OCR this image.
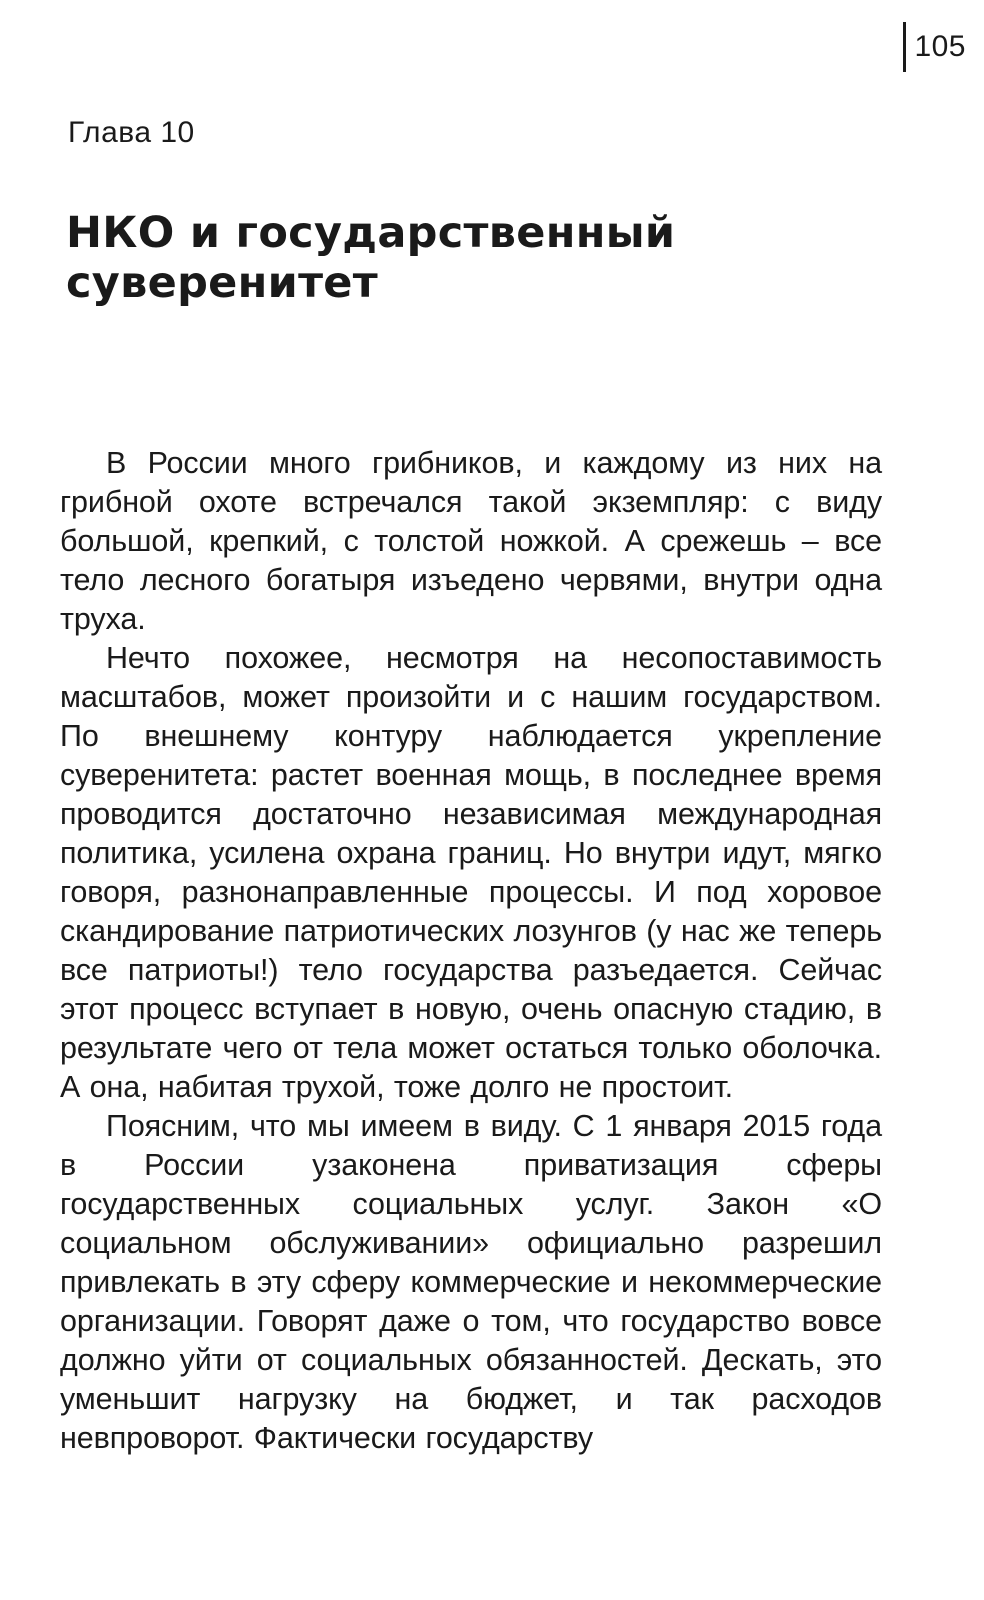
105
Глава 10
НКО и государственный суверенитет

В России много грибников, и каждому из них на грибной охоте встречался такой экземпляр: с виду большой, крепкий, с толстой ножкой. А срежешь – все тело лесного богатыря изъедено червями, внутри одна труха.

Нечто похожее, несмотря на несопоставимость масштабов, может произойти и с нашим государством. По внешнему контуру наблюдается укрепление суверенитета: растет военная мощь, в последнее время проводится достаточно независимая международная политика, усилена охрана границ. Но внутри идут, мягко говоря, разнонаправленные процессы. И под хоровое скандирование патриотических лозунгов (у нас же теперь все патриоты!) тело государства разъедается. Сейчас этот процесс вступает в новую, очень опасную стадию, в результате чего от тела может остаться только оболочка. А она, набитая трухой, тоже долго не простоит.

Поясним, что мы имеем в виду. С 1 января 2015 года в России узаконена приватизация сферы государственных социальных услуг. Закон «О социальном обслуживании» официально разрешил привлекать в эту сферу коммерческие и некоммерческие организации. Говорят даже о том, что государство вовсе должно уйти от социальных обязанностей. Дескать, это уменьшит нагрузку на бюджет, и так расходов невпроворот. Фактически государству
